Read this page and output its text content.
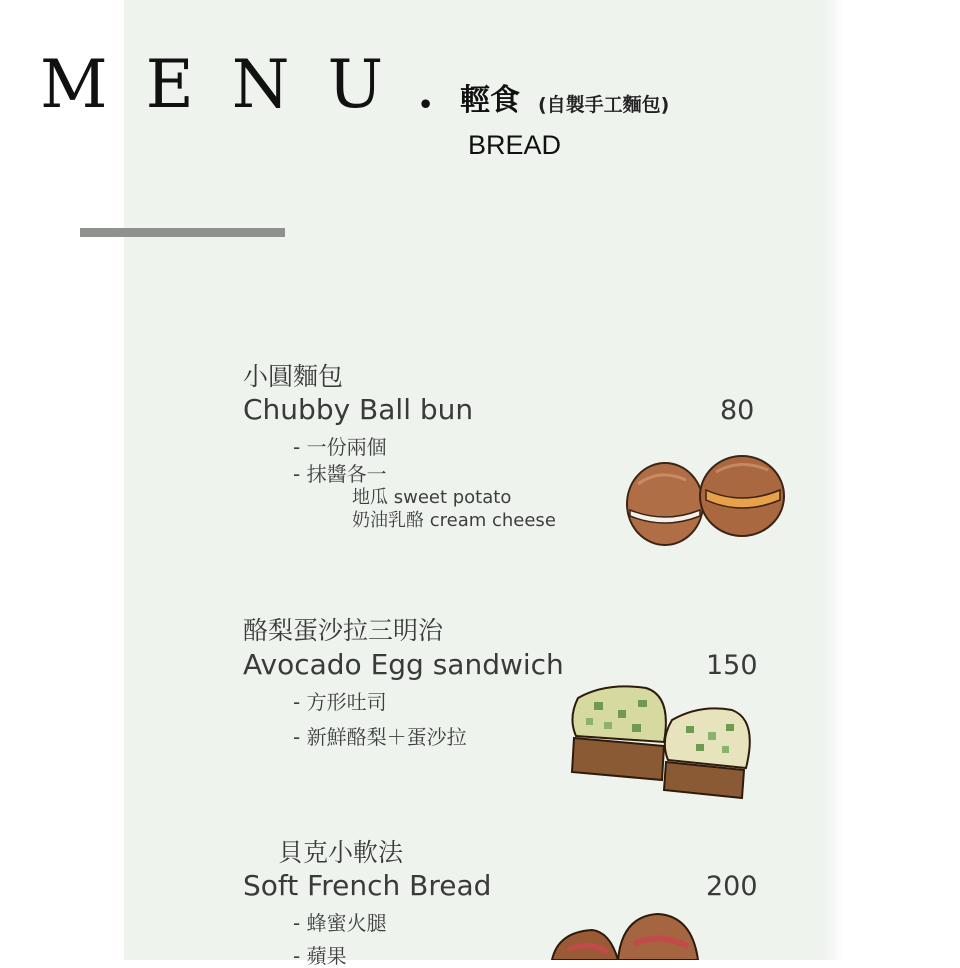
MENU.
輕食 (自製手工麵包)
BREAD
小圓麵包
Chubby Ball bun	80
- 一份兩個
- 抹醬各一
地瓜 sweet potato
奶油乳酪 cream cheese
酪梨蛋沙拉三明治
Avocado Egg sandwich	150
- 方形吐司
- 新鮮酪梨＋蛋沙拉
貝克小軟法
Soft French Bread	200
- 蜂蜜火腿
- 蘋果
